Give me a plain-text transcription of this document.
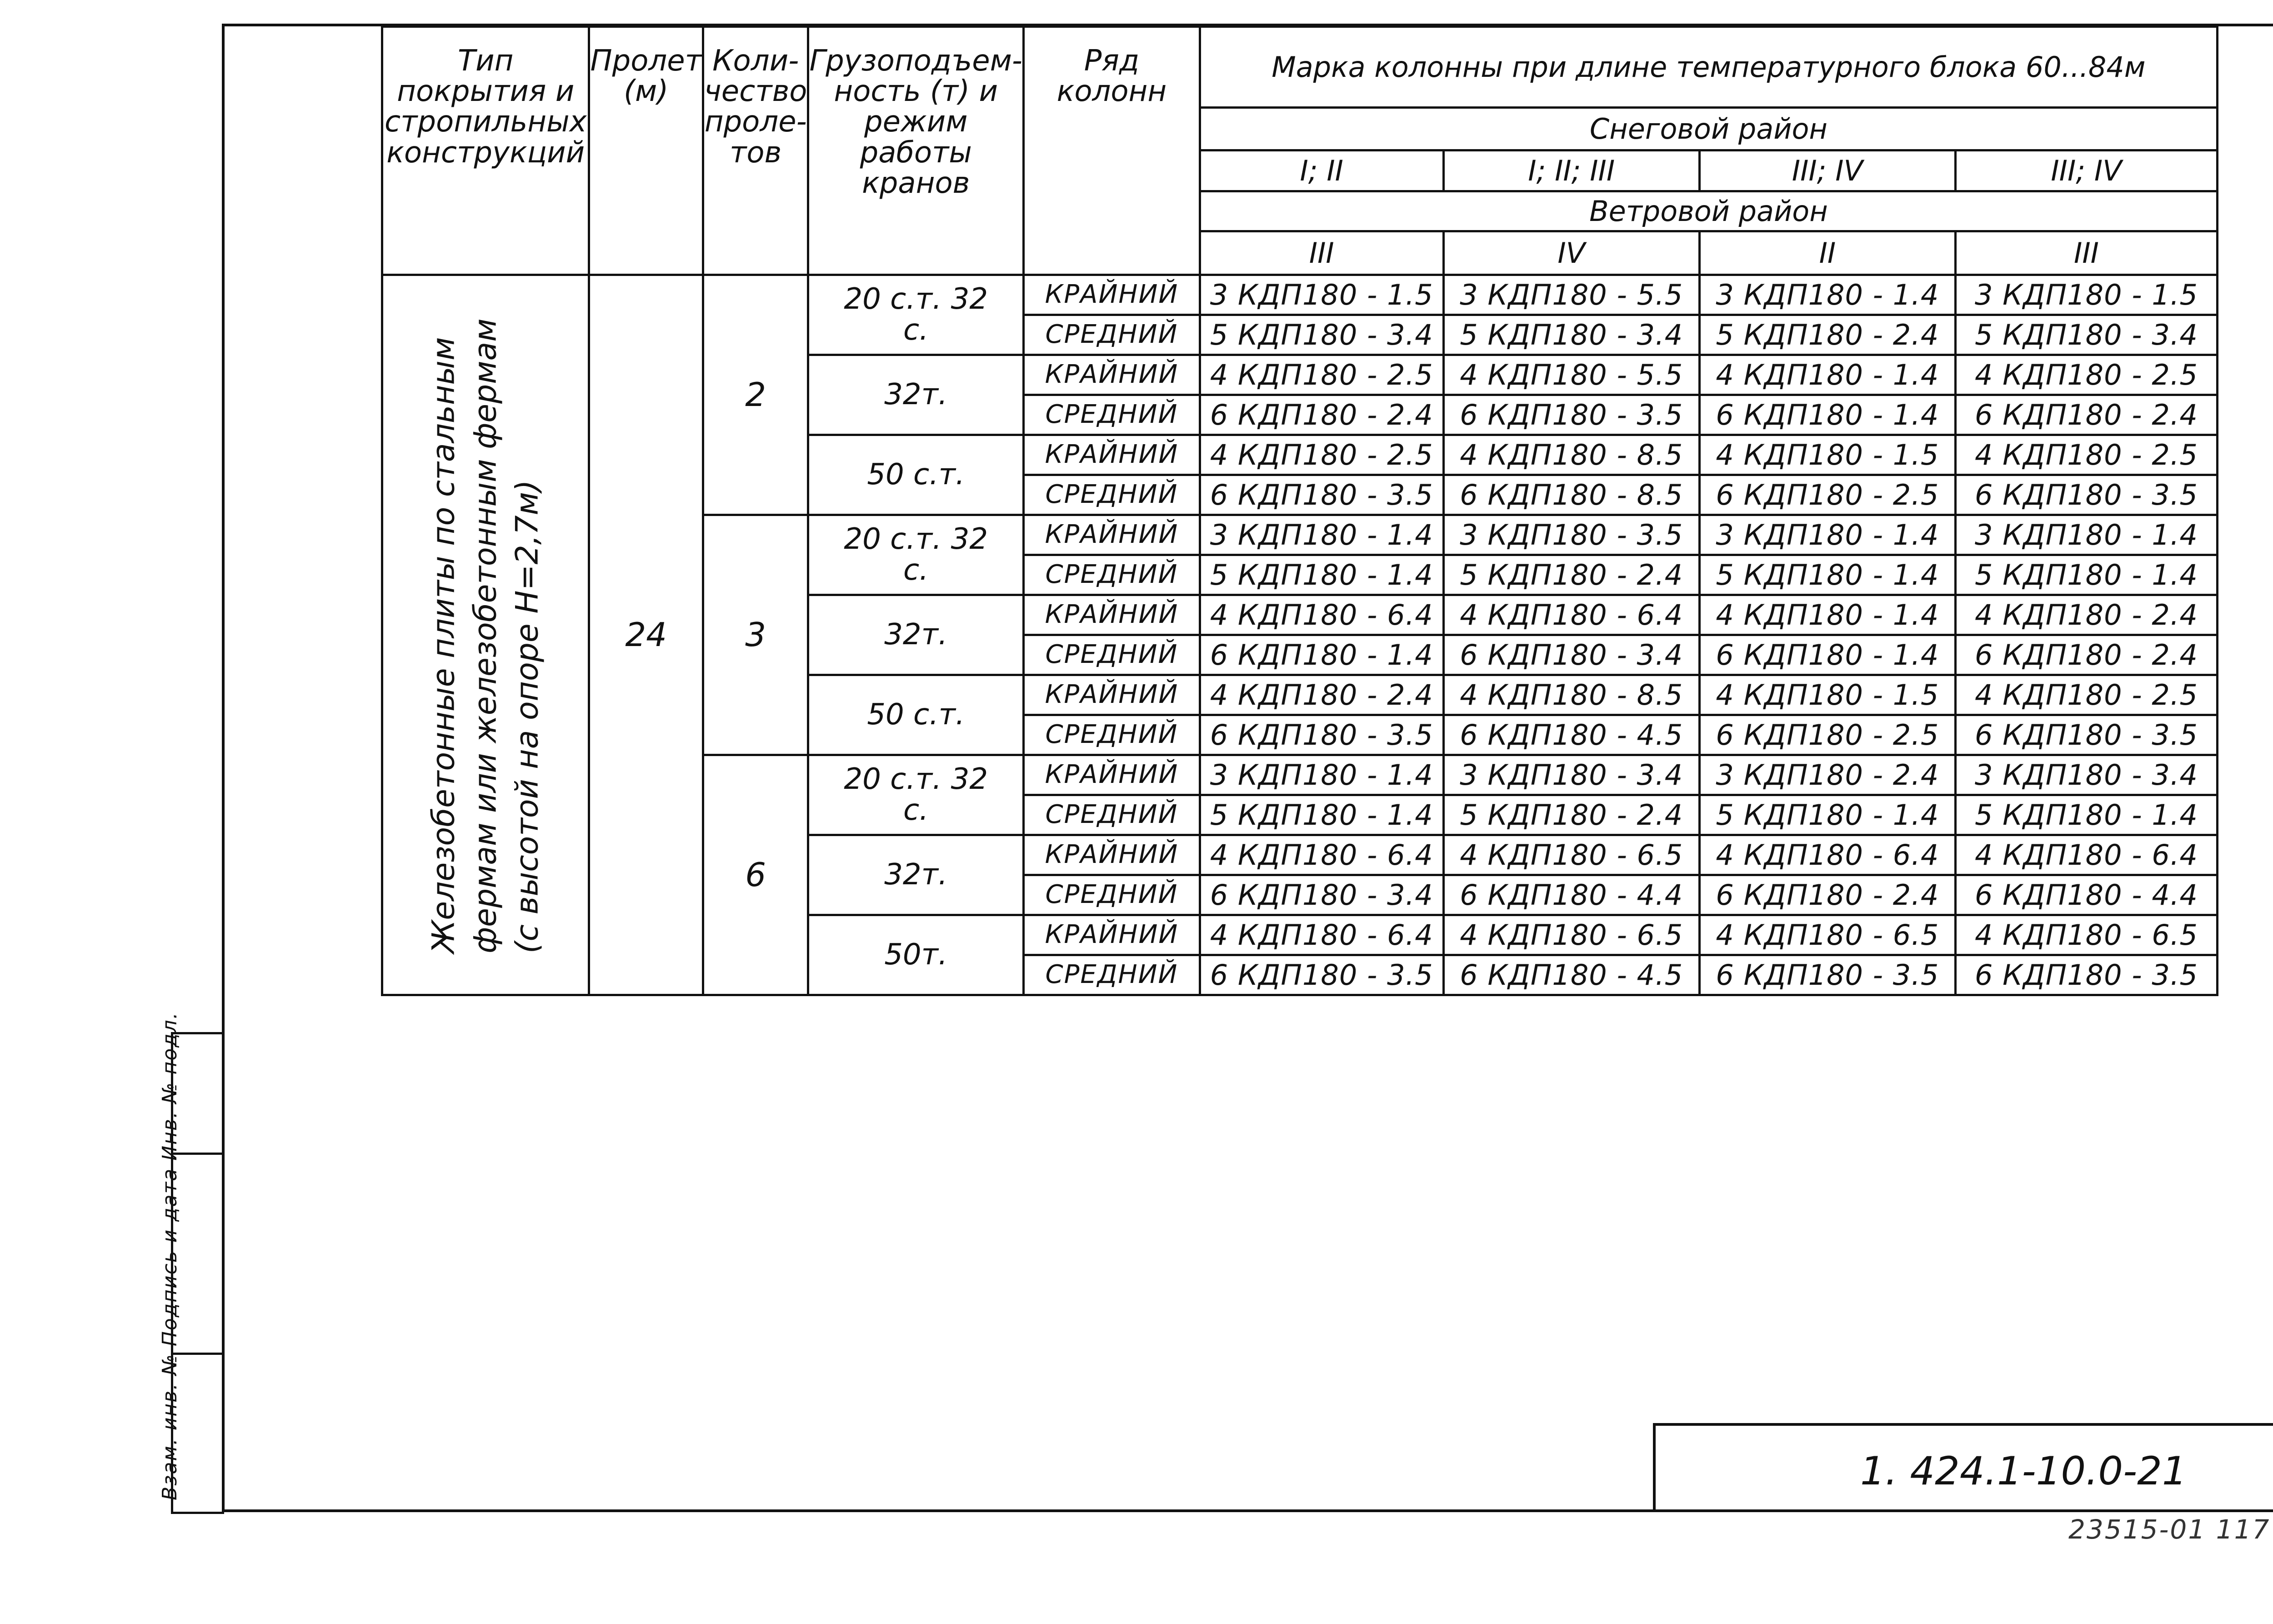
Взам. инв. № Подпись и дата Инв. № подл.
Тип покрытия и стропильных конструкций	Пролет (м)	Коли-чество проле-тов	Грузоподъем-ность (т) и режим работы кранов	Ряд колонн	Марка колонны при длине температурного блока 60...84м			
					Снеговой район			
					I; II	I; II; III	III; IV	III; IV
					Ветровой район			
					III	IV	II	III

Железобетонные плиты по стальным фермам или железобетонным фермам (с высотой на опоре Н=2,7м)	24	2	20 с.т. 32 с.	КРАЙНИЙ	3 КДП180 - 1.5	3 КДП180 - 5.5	3 КДП180 - 1.4	3 КДП180 - 1.5
				СРЕДНИЙ	5 КДП180 - 3.4	5 КДП180 - 3.4	5 КДП180 - 2.4	5 КДП180 - 3.4
			32т.	КРАЙНИЙ	4 КДП180 - 2.5	4 КДП180 - 5.5	4 КДП180 - 1.4	4 КДП180 - 2.5
				СРЕДНИЙ	6 КДП180 - 2.4	6 КДП180 - 3.5	6 КДП180 - 1.4	6 КДП180 - 2.4
			50 с.т.	КРАЙНИЙ	4 КДП180 - 2.5	4 КДП180 - 8.5	4 КДП180 - 1.5	4 КДП180 - 2.5
				СРЕДНИЙ	6 КДП180 - 3.5	6 КДП180 - 8.5	6 КДП180 - 2.5	6 КДП180 - 3.5
		3	20 с.т. 32 с.	КРАЙНИЙ	3 КДП180 - 1.4	3 КДП180 - 3.5	3 КДП180 - 1.4	3 КДП180 - 1.4
				СРЕДНИЙ	5 КДП180 - 1.4	5 КДП180 - 2.4	5 КДП180 - 1.4	5 КДП180 - 1.4
			32т.	КРАЙНИЙ	4 КДП180 - 6.4	4 КДП180 - 6.4	4 КДП180 - 1.4	4 КДП180 - 2.4
				СРЕДНИЙ	6 КДП180 - 1.4	6 КДП180 - 3.4	6 КДП180 - 1.4	6 КДП180 - 2.4
			50 с.т.	КРАЙНИЙ	4 КДП180 - 2.4	4 КДП180 - 8.5	4 КДП180 - 1.5	4 КДП180 - 2.5
				СРЕДНИЙ	6 КДП180 - 3.5	6 КДП180 - 4.5	6 КДП180 - 2.5	6 КДП180 - 3.5
		6	20 с.т. 32 с.	КРАЙНИЙ	3 КДП180 - 1.4	3 КДП180 - 3.4	3 КДП180 - 2.4	3 КДП180 - 3.4
				СРЕДНИЙ	5 КДП180 - 1.4	5 КДП180 - 2.4	5 КДП180 - 1.4	5 КДП180 - 1.4
			32т.	КРАЙНИЙ	4 КДП180 - 6.4	4 КДП180 - 6.5	4 КДП180 - 6.4	4 КДП180 - 6.4
				СРЕДНИЙ	6 КДП180 - 3.4	6 КДП180 - 4.4	6 КДП180 - 2.4	6 КДП180 - 4.4
			50т.	КРАЙНИЙ	4 КДП180 - 6.4	4 КДП180 - 6.5	4 КДП180 - 6.5	4 КДП180 - 6.5
				СРЕДНИЙ	6 КДП180 - 3.5	6 КДП180 - 4.5	6 КДП180 - 3.5	6 КДП180 - 3.5
1. 424.1-10.0-21
23515-01 117
